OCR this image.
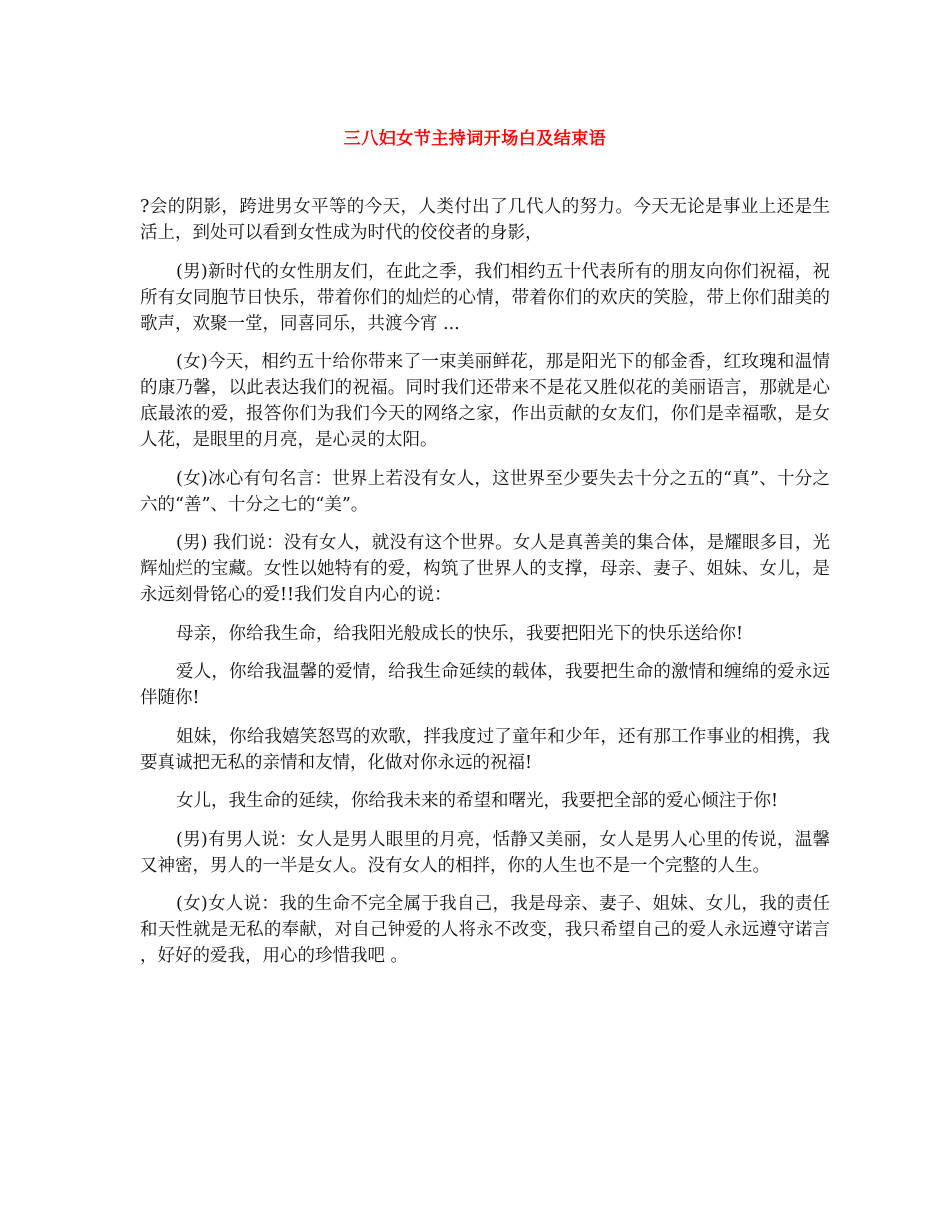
三八妇女节主持词开场白及结束语

?会的阴影，跨进男女平等的今天，人类付出了几代人的努力。今天无论是事业上还是生活上，到处可以看到女性成为时代的佼佼者的身影，

(男)新时代的女性朋友们，在此之季，我们相约五十代表所有的朋友向你们祝福，祝所有女同胞节日快乐，带着你们的灿烂的心情，带着你们的欢庆的笑脸，带上你们甜美的歌声，欢聚一堂，同喜同乐，共渡今宵 ...

(女)今天，相约五十给你带来了一束美丽鲜花，那是阳光下的郁金香，红玫瑰和温情的康乃馨，以此表达我们的祝福。同时我们还带来不是花又胜似花的美丽语言，那就是心底最浓的爱，报答你们为我们今天的网络之家，作出贡献的女友们，你们是幸福歌，是女人花，是眼里的月亮，是心灵的太阳。

(女)冰心有句名言：世界上若没有女人，这世界至少要失去十分之五的“真”、十分之六的“善”、十分之七的“美”。

(男) 我们说：没有女人，就没有这个世界。女人是真善美的集合体，是耀眼多目，光辉灿烂的宝藏。女性以她特有的爱，构筑了世界人的支撑，母亲、妻子、姐妹、女儿，是永远刻骨铭心的爱!!我们发自内心的说：

母亲，你给我生命，给我阳光般成长的快乐，我要把阳光下的快乐送给你!

爱人，你给我温馨的爱情，给我生命延续的载体，我要把生命的激情和缠绵的爱永远伴随你!

姐妹，你给我嬉笑怒骂的欢歌，拌我度过了童年和少年，还有那工作事业的相携，我要真诚把无私的亲情和友情，化做对你永远的祝福!

女儿，我生命的延续，你给我未来的希望和曙光，我要把全部的爱心倾注于你!

(男)有男人说：女人是男人眼里的月亮，恬静又美丽，女人是男人心里的传说，温馨又神密，男人的一半是女人。没有女人的相拌，你的人生也不是一个完整的人生。

(女)女人说：我的生命不完全属于我自己，我是母亲、妻子、姐妹、女儿，我的责任和天性就是无私的奉献，对自己钟爱的人将永不改变，我只希望自己的爱人永远遵守诺言 ，好好的爱我，用心的珍惜我吧 。
